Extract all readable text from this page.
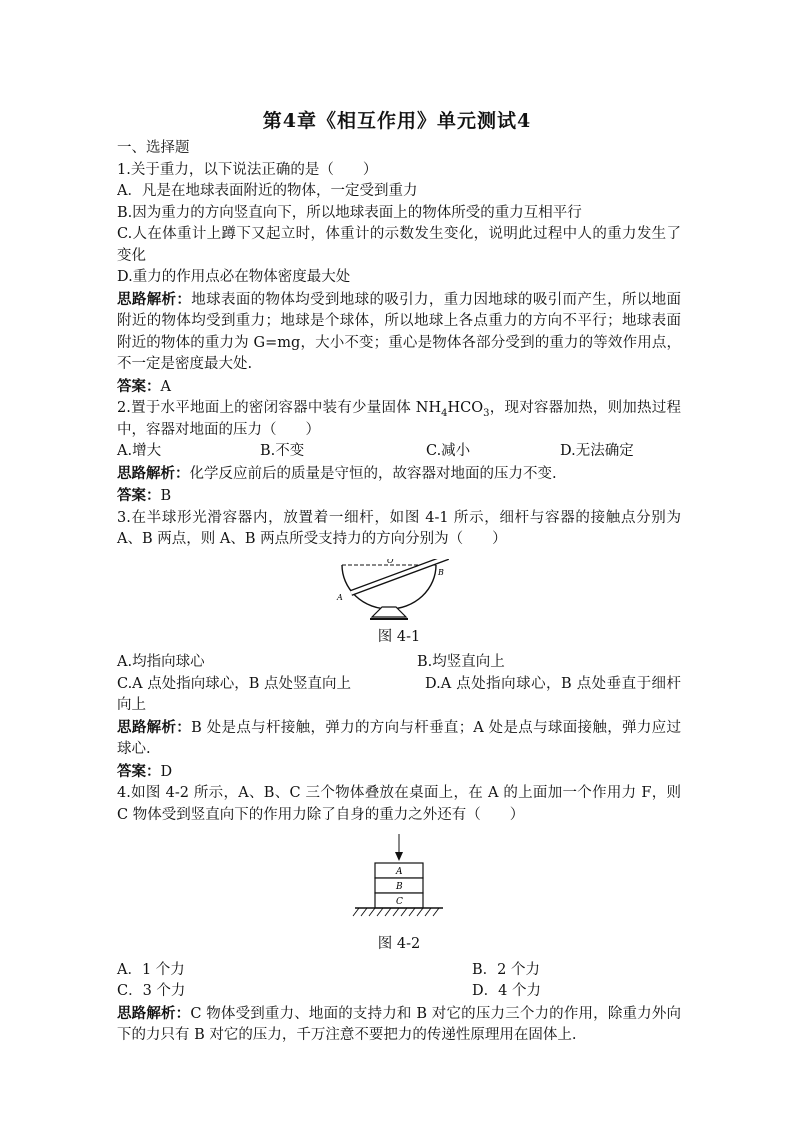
第4章《相互作用》单元测试4
一、选择题
1.关于重力，以下说法正确的是（　　）
A．凡是在地球表面附近的物体，一定受到重力
B.因为重力的方向竖直向下，所以地球表面上的物体所受的重力互相平行
C.人在体重计上蹲下又起立时，体重计的示数发生变化，说明此过程中人的重力发生了变化
D.重力的作用点必在物体密度最大处
思路解析：地球表面的物体均受到地球的吸引力，重力因地球的吸引而产生，所以地面附近的物体均受到重力；地球是个球体，所以地球上各点重力的方向不平行；地球表面附近的物体的重力为 G=mg，大小不变；重心是物体各部分受到的重力的等效作用点，不一定是密度最大处.
答案：A
2.置于水平地面上的密闭容器中装有少量固体 $NH_4HCO_3$，现对容器加热，则加热过程中，容器对地面的压力（　　）
A.增大	B.不变	C.减小	D.无法确定
思路解析：化学反应前后的质量是守恒的，故容器对地面的压力不变.
答案：B
3.在半球形光滑容器内，放置着一细杆，如图 4-1 所示，细杆与容器的接触点分别为 A、B 两点，则 A、B 两点所受支持力的方向分别为（　　）
O
A
B
图 4-1
A.均指向球心	B.均竖直向上
C.A 点处指向球心，B 点处竖直向上	D.A 点处指向球心，B 点处垂直于细杆向上
思路解析：B 处是点与杆接触，弹力的方向与杆垂直；A 处是点与球面接触，弹力应过球心.
答案：D
4.如图 4-2 所示，A、B、C 三个物体叠放在桌面上，在 A 的上面加一个作用力 F，则 C 物体受到竖直向下的作用力除了自身的重力之外还有（　　）
A
B
C
图 4-2
A．1 个力	B．2 个力
C．3 个力	D．4 个力
思路解析：C 物体受到重力、地面的支持力和 B 对它的压力三个力的作用，除重力外向下的力只有 B 对它的压力，千万注意不要把力的传递性原理用在固体上.
